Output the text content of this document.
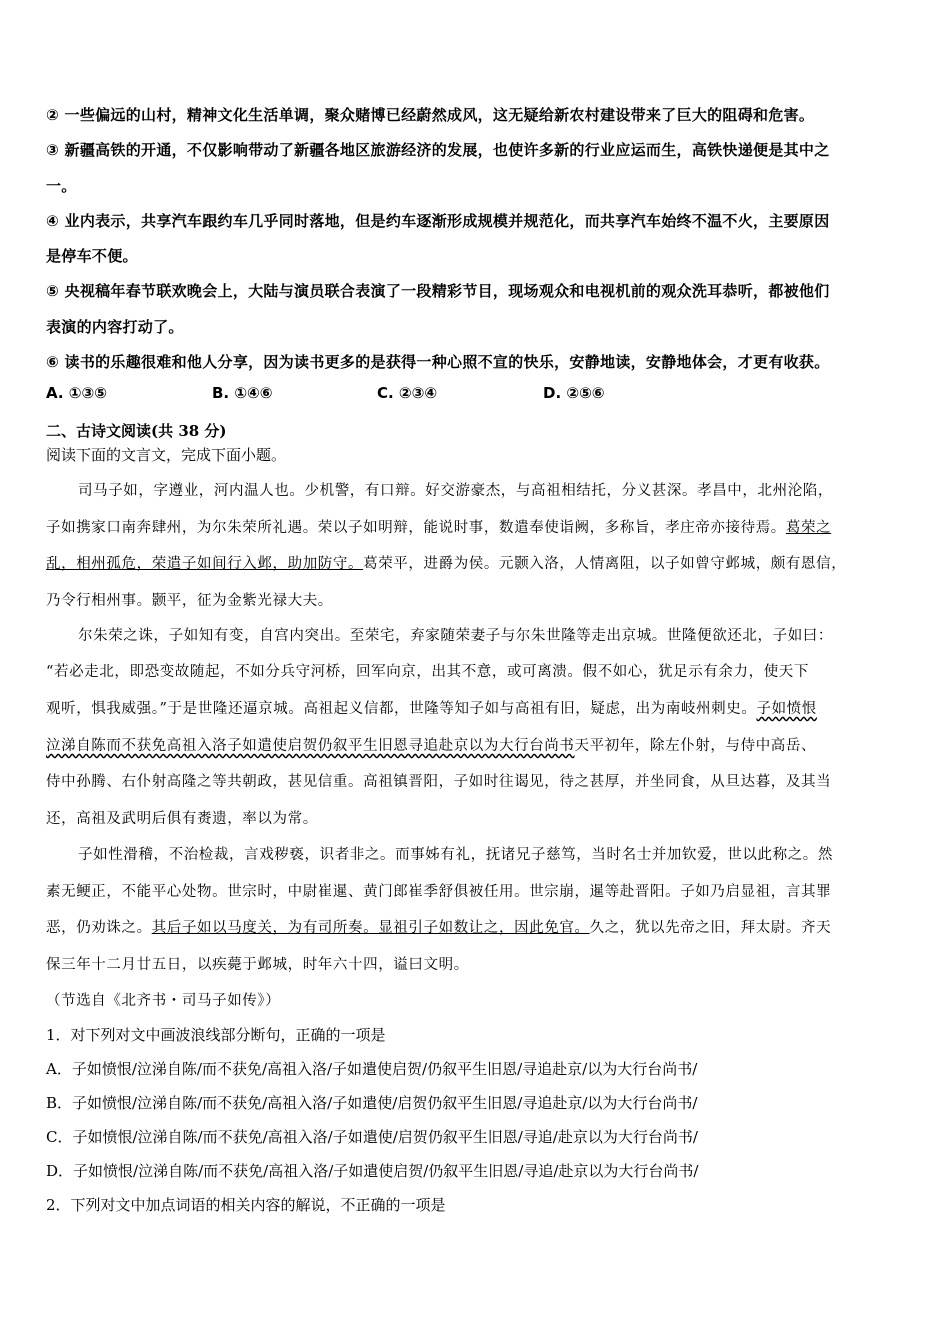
② 一些偏远的山村，精神文化生活单调，聚众赌博已经蔚然成风，这无疑给新农村建设带来了巨大的阻碍和危害。
③ 新疆高铁的开通，不仅影响带动了新疆各地区旅游经济的发展，也使许多新的行业应运而生，高铁快递便是其中之
一。
④ 业内表示，共享汽车跟约车几乎同时落地，但是约车逐渐形成规模并规范化，而共享汽车始终不温不火，主要原因
是停车不便。
⑤ 央视稿年春节联欢晚会上，大陆与演员联合表演了一段精彩节目，现场观众和电视机前的观众洗耳恭听，都被他们
表演的内容打动了。
⑥ 读书的乐趣很难和他人分享，因为读书更多的是获得一种心照不宣的快乐，安静地读，安静地体会，才更有收获。
A. ①③⑤	B. ①④⑥	C. ②③④	D. ②⑤⑥
二、古诗文阅读(共 38 分)
阅读下面的文言文，完成下面小题。
司马子如，字遵业，河内温人也。少机警，有口辩。好交游豪杰，与高祖相结托，分义甚深。孝昌中，北州沦陷，
子如携家口南奔肆州，为尔朱荣所礼遇。荣以子如明辩，能说时事，数遣奉使诣阙，多称旨，孝庄帝亦接待焉。葛荣之
乱，相州孤危，荣遣子如间行入邺，助加防守。葛荣平，进爵为侯。元颢入洛，人情离阻，以子如曾守邺城，颇有恩信，
乃令行相州事。颢平，征为金紫光禄大夫。
尔朱荣之诛，子如知有变，自宫内突出。至荣宅，弃家随荣妻子与尔朱世隆等走出京城。世隆便欲还北，子如曰：
“若必走北，即恐变故随起，不如分兵守河桥，回军向京，出其不意，或可离溃。假不如心，犹足示有余力，使天下
观听，惧我威强。”于是世隆还逼京城。高祖起义信都，世隆等知子如与高祖有旧，疑虑，出为南岐州刺史。子如愤恨
泣涕自陈而不获免高祖入洛子如遣使启贺仍叙平生旧恩寻追赴京以为大行台尚书天平初年，除左仆射，与侍中高岳、
侍中孙腾、右仆射高隆之等共朝政，甚见信重。高祖镇晋阳，子如时往谒见，待之甚厚，并坐同食，从旦达暮，及其当
还，高祖及武明后俱有赉遗，率以为常。
子如性滑稽，不治检裁，言戏秽亵，识者非之。而事姊有礼，抚诸兄子慈笃，当时名士并加钦爱，世以此称之。然
素无鲠正，不能平心处物。世宗时，中尉崔暹、黄门郎崔季舒俱被任用。世宗崩，暹等赴晋阳。子如乃启显祖，言其罪
恶，仍劝诛之。其后子如以马度关，为有司所奏。显祖引子如数让之，因此免官。久之，犹以先帝之旧，拜太尉。齐天
保三年十二月廿五日，以疾薨于邺城，时年六十四，谥曰文明。
（节选自《北齐书・司马子如传》）
1．对下列对文中画波浪线部分断句，正确的一项是
A．子如愤恨/泣涕自陈/而不获免/高祖入洛/子如遣使启贺/仍叙平生旧恩/寻追赴京/以为大行台尚书/
B．子如愤恨/泣涕自陈/而不获免/高祖入洛/子如遣使/启贺仍叙平生旧恩/寻追赴京/以为大行台尚书/
C．子如愤恨/泣涕自陈/而不获免/高祖入洛/子如遣使/启贺仍叙平生旧恩/寻追/赴京以为大行台尚书/
D．子如愤恨/泣涕自陈/而不获免/高祖入洛/子如遣使启贺/仍叙平生旧恩/寻追/赴京以为大行台尚书/
2．下列对文中加点词语的相关内容的解说，不正确的一项是
